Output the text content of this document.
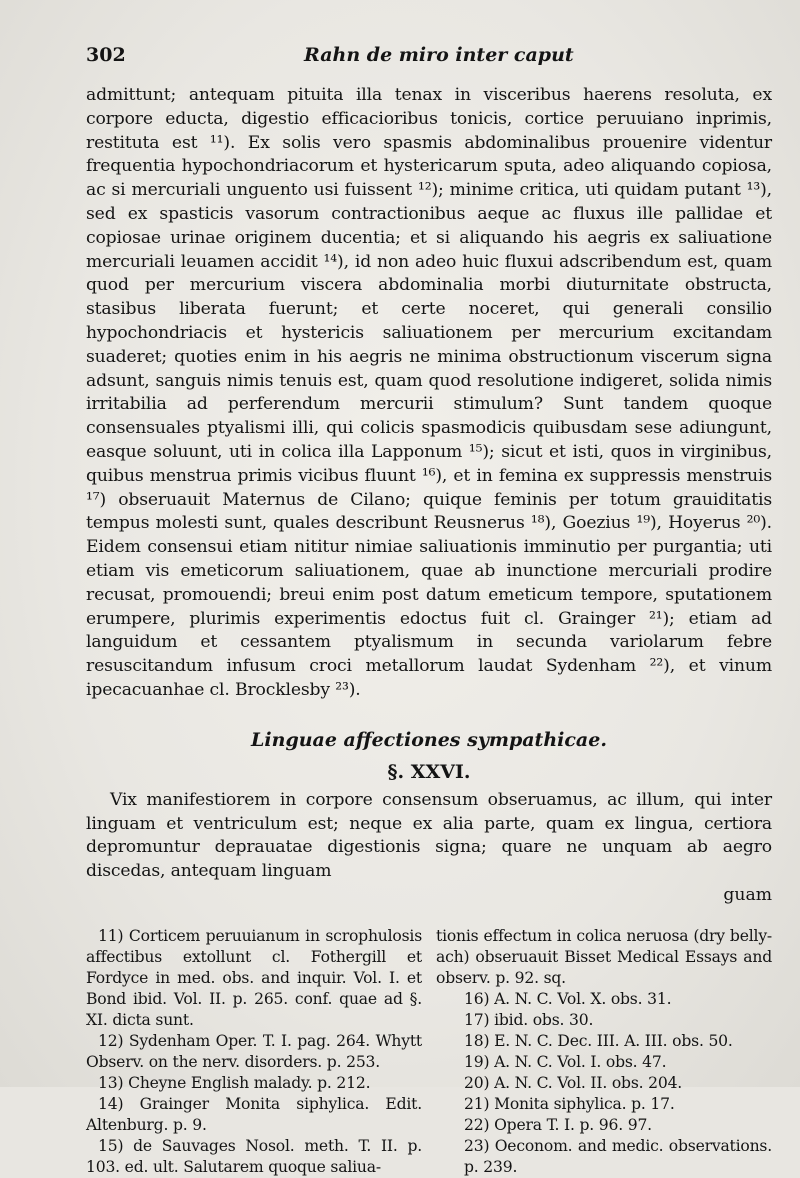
302	Rahn de miro inter caput

admittunt; antequam pituita illa tenax in visceribus haerens resoluta, ex corpore educta, digestio efficacioribus tonicis, cortice peruuiano inprimis, restituta est ¹¹). Ex solis vero spasmis abdominalibus prouenire videntur frequentia hypochondriacorum et hystericarum sputa, adeo aliquando copiosa, ac si mercuriali unguento usi fuissent ¹²); minime critica, uti quidam putant ¹³), sed ex spasticis vasorum contractionibus aeque ac fluxus ille pallidae et copiosae urinae originem ducentia; et si aliquando his aegris ex saliuatione mercuriali leuamen accidit ¹⁴), id non adeo huic fluxui adscribendum est, quam quod per mercurium viscera abdominalia morbi diuturnitate obstructa, stasibus liberata fuerunt; et certe noceret, qui generali consilio hypochondriacis et hystericis saliuationem per mercurium excitandam suaderet; quoties enim in his aegris ne minima obstructionum viscerum signa adsunt, sanguis nimis tenuis est, quam quod resolutione indigeret, solida nimis irritabilia ad perferendum mercurii stimulum? Sunt tandem quoque consensuales ptyalismi illi, qui colicis spasmodicis quibusdam sese adiungunt, easque soluunt, uti in colica illa Lapponum ¹⁵); sicut et isti, quos in virginibus, quibus menstrua primis vicibus fluunt ¹⁶), et in femina ex suppressis menstruis ¹⁷) obseruauit Maternus de Cilano; quique feminis per totum grauiditatis tempus molesti sunt, quales describunt Reusnerus ¹⁸), Goezius ¹⁹), Hoyerus ²⁰). Eidem consensui etiam nititur nimiae saliuationis imminutio per purgantia; uti etiam vis emeticorum saliuationem, quae ab inunctione mercuriali prodire recusat, promouendi; breui enim post datum emeticum tempore, sputationem erumpere, plurimis experimentis edoctus fuit cl. Grainger ²¹); etiam ad languidum et cessantem ptyalismum in secunda variolarum febre resuscitandum infusum croci metallorum laudat Sydenham ²²), et vinum ipecacuanhae cl. Brocklesby ²³).

Linguae affectiones sympathicae.
§. XXVI.

Vix manifestiorem in corpore consensum obseruamus, ac illum, qui inter linguam et ventriculum est; neque ex alia parte, quam ex lingua, certiora depromuntur deprauatae digestionis signa; quare ne unquam ab aegro discedas, antequam linguam

guam

11) Corticem peruuianum in scrophulosis affectibus extollunt cl. Fothergill et Fordyce in med. obs. and inquir. Vol. I. et Bond ibid. Vol. II. p. 265. conf. quae ad §. XI. dicta sunt.

12) Sydenham Oper. T. I. pag. 264. Whytt Observ. on the nerv. disorders. p. 253.

13) Cheyne English malady. p. 212.

14) Grainger Monita siphylica. Edit. Altenburg. p. 9.

15) de Sauvages Nosol. meth. T. II. p. 103. ed. ult. Salutarem quoque saliua-

tionis effectum in colica neruosa (dry belly-ach) obseruauit Bisset Medical Essays and observ. p. 92. sq.

16) A. N. C. Vol. X. obs. 31.

17) ibid. obs. 30.

18) E. N. C. Dec. III. A. III. obs. 50.

19) A. N. C. Vol. I. obs. 47.

20) A. N. C. Vol. II. obs. 204.

21) Monita siphylica. p. 17.

22) Opera T. I. p. 96. 97.

23) Oeconom. and medic. observations. p. 239.
